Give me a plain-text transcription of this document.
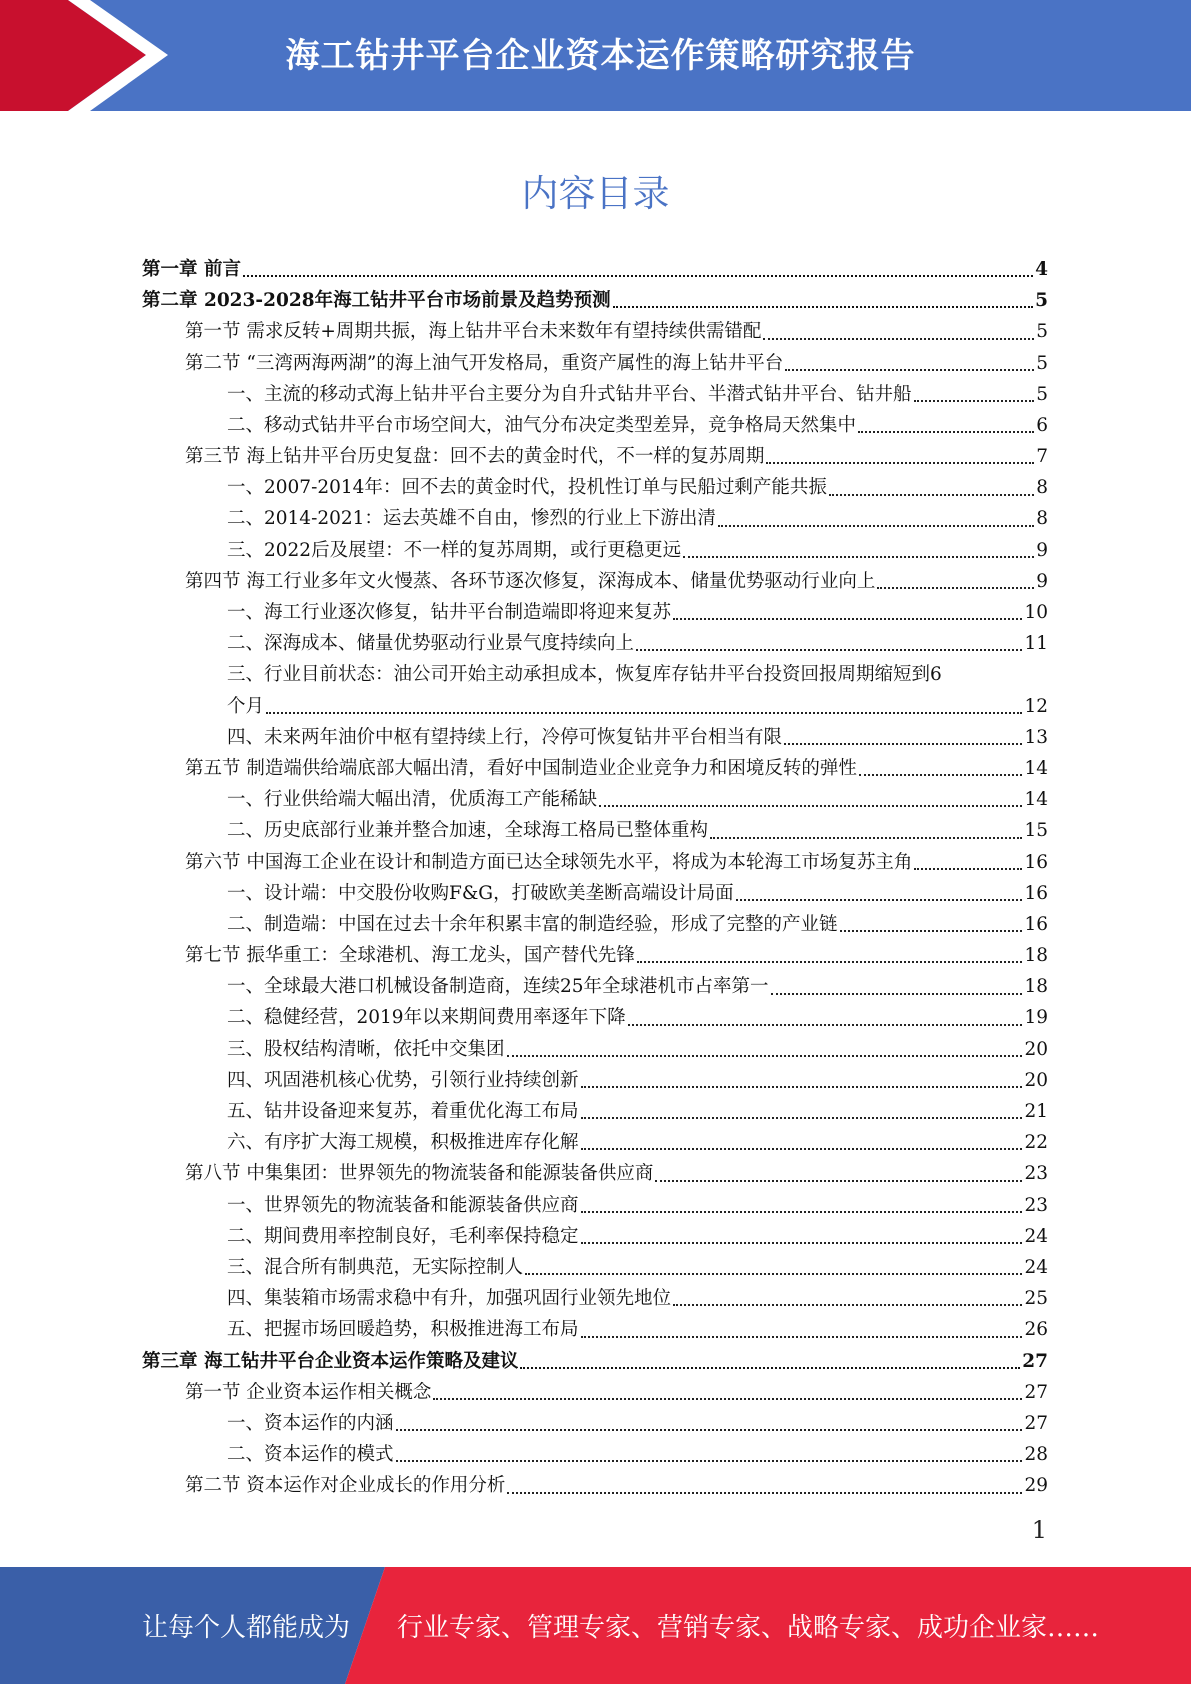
海工钻井平台企业资本运作策略研究报告
内容目录
第一章 前言	4
第二章 2023-2028年海工钻井平台市场前景及趋势预测	5
第一节 需求反转+周期共振，海上钻井平台未来数年有望持续供需错配	5
第二节 “三湾两海两湖”的海上油气开发格局，重资产属性的海上钻井平台	5
一、主流的移动式海上钻井平台主要分为自升式钻井平台、半潜式钻井平台、钻井船	5
二、移动式钻井平台市场空间大，油气分布决定类型差异，竞争格局天然集中	6
第三节 海上钻井平台历史复盘：回不去的黄金时代，不一样的复苏周期	7
一、2007-2014年：回不去的黄金时代，投机性订单与民船过剩产能共振	8
二、2014-2021：运去英雄不自由，惨烈的行业上下游出清	8
三、2022后及展望：不一样的复苏周期，或行更稳更远	9
第四节 海工行业多年文火慢蒸、各环节逐次修复，深海成本、储量优势驱动行业向上	9
一、海工行业逐次修复，钻井平台制造端即将迎来复苏	10
二、深海成本、储量优势驱动行业景气度持续向上	11
三、行业目前状态：油公司开始主动承担成本，恢复库存钻井平台投资回报周期缩短到6
个月	12
四、未来两年油价中枢有望持续上行，冷停可恢复钻井平台相当有限	13
第五节 制造端供给端底部大幅出清，看好中国制造业企业竞争力和困境反转的弹性	14
一、行业供给端大幅出清，优质海工产能稀缺	14
二、历史底部行业兼并整合加速，全球海工格局已整体重构	15
第六节 中国海工企业在设计和制造方面已达全球领先水平，将成为本轮海工市场复苏主角	16
一、设计端：中交股份收购F&G，打破欧美垄断高端设计局面	16
二、制造端：中国在过去十余年积累丰富的制造经验，形成了完整的产业链	16
第七节 振华重工：全球港机、海工龙头，国产替代先锋	18
一、全球最大港口机械设备制造商，连续25年全球港机市占率第一	18
二、稳健经营，2019年以来期间费用率逐年下降	19
三、股权结构清晰，依托中交集团	20
四、巩固港机核心优势，引领行业持续创新	20
五、钻井设备迎来复苏，着重优化海工布局	21
六、有序扩大海工规模，积极推进库存化解	22
第八节 中集集团：世界领先的物流装备和能源装备供应商	23
一、世界领先的物流装备和能源装备供应商	23
二、期间费用率控制良好，毛利率保持稳定	24
三、混合所有制典范，无实际控制人	24
四、集装箱市场需求稳中有升，加强巩固行业领先地位	25
五、把握市场回暖趋势，积极推进海工布局	26
第三章 海工钻井平台企业资本运作策略及建议	27
第一节 企业资本运作相关概念	27
一、资本运作的内涵	27
二、资本运作的模式	28
第二节 资本运作对企业成长的作用分析	29
1
让每个人都能成为 行业专家、管理专家、营销专家、战略专家、成功企业家……
